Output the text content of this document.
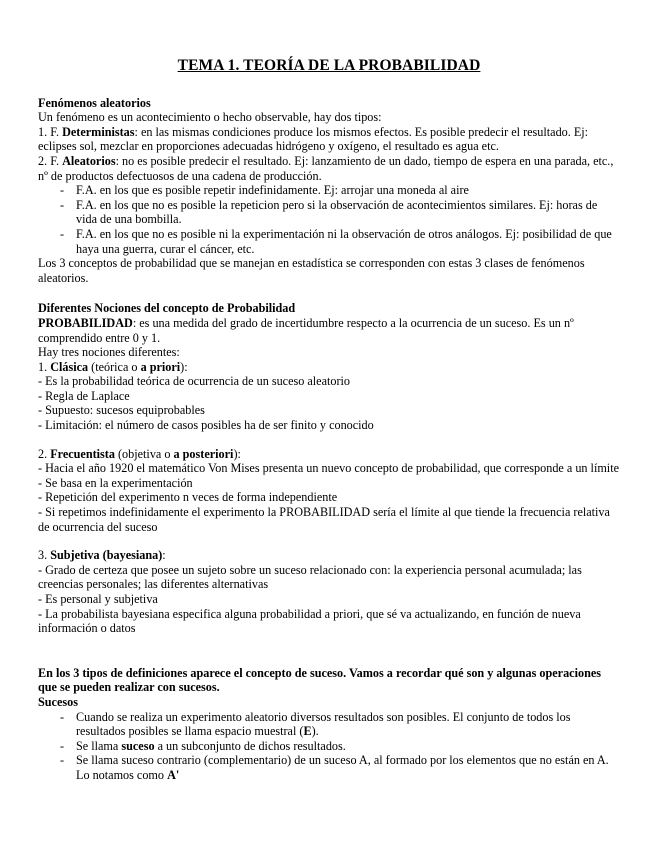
TEMA 1. TEORÍA DE LA PROBABILIDAD

Fenómenos aleatorios

Un fenómeno es un acontecimiento o hecho observable, hay dos tipos:

1. F. Deterministas: en las mismas condiciones produce los mismos efectos. Es posible predecir el resultado. Ej: eclipses sol, mezclar en proporciones adecuadas hidrógeno y oxígeno, el resultado es agua etc.

2. F. Aleatorios: no es posible predecir el resultado. Ej: lanzamiento de un dado, tiempo de espera en una parada, etc., nº de productos defectuosos de una cadena de producción.

- F.A. en los que es posible repetir indefinidamente. Ej: arrojar una moneda al aire
- F.A. en los que no es posible la repeticion pero si la observación de acontecimientos similares. Ej: horas de vida de una bombilla.
- F.A. en los que no es posible ni la experimentación ni la observación de otros análogos. Ej: posibilidad de que haya una guerra, curar el cáncer, etc.

Los 3 conceptos de probabilidad que se manejan en estadística se corresponden con estas 3 clases de fenómenos aleatorios.

Diferentes Nociones del concepto de Probabilidad

PROBABILIDAD: es una medida del grado de incertidumbre respecto a la ocurrencia de un suceso. Es un nº comprendido entre 0 y 1.

Hay tres nociones diferentes:

1. Clásica (teórica o a priori):

- Es la probabilidad teórica de ocurrencia de un suceso aleatorio

- Regla de Laplace

- Supuesto: sucesos equiprobables

- Limitación: el número de casos posibles ha de ser finito y conocido

2. Frecuentista (objetiva o a posteriori):

- Hacia el año 1920 el matemático Von Mises presenta un nuevo concepto de probabilidad, que corresponde a un límite

- Se basa en la experimentación

- Repetición del experimento n veces de forma independiente

- Si repetimos indefinidamente el experimento la PROBABILIDAD sería el límite al que tiende la frecuencia relativa de ocurrencia del suceso

3. Subjetiva (bayesiana):

- Grado de certeza que posee un sujeto sobre un suceso relacionado con: la experiencia personal acumulada; las creencias personales; las diferentes alternativas

- Es personal y subjetiva

- La probabilista bayesiana especifica alguna probabilidad a priori, que sé va actualizando, en función de nueva información o datos

En los 3 tipos de definiciones aparece el concepto de suceso. Vamos a recordar qué son y algunas operaciones que se pueden realizar con sucesos.

Sucesos

- Cuando se realiza un experimento aleatorio diversos resultados son posibles. El conjunto de todos los resultados posibles se llama espacio muestral (E).
- Se llama suceso a un subconjunto de dichos resultados.
- Se llama suceso contrario (complementario) de un suceso A, al formado por los elementos que no están en A. Lo notamos como A'
